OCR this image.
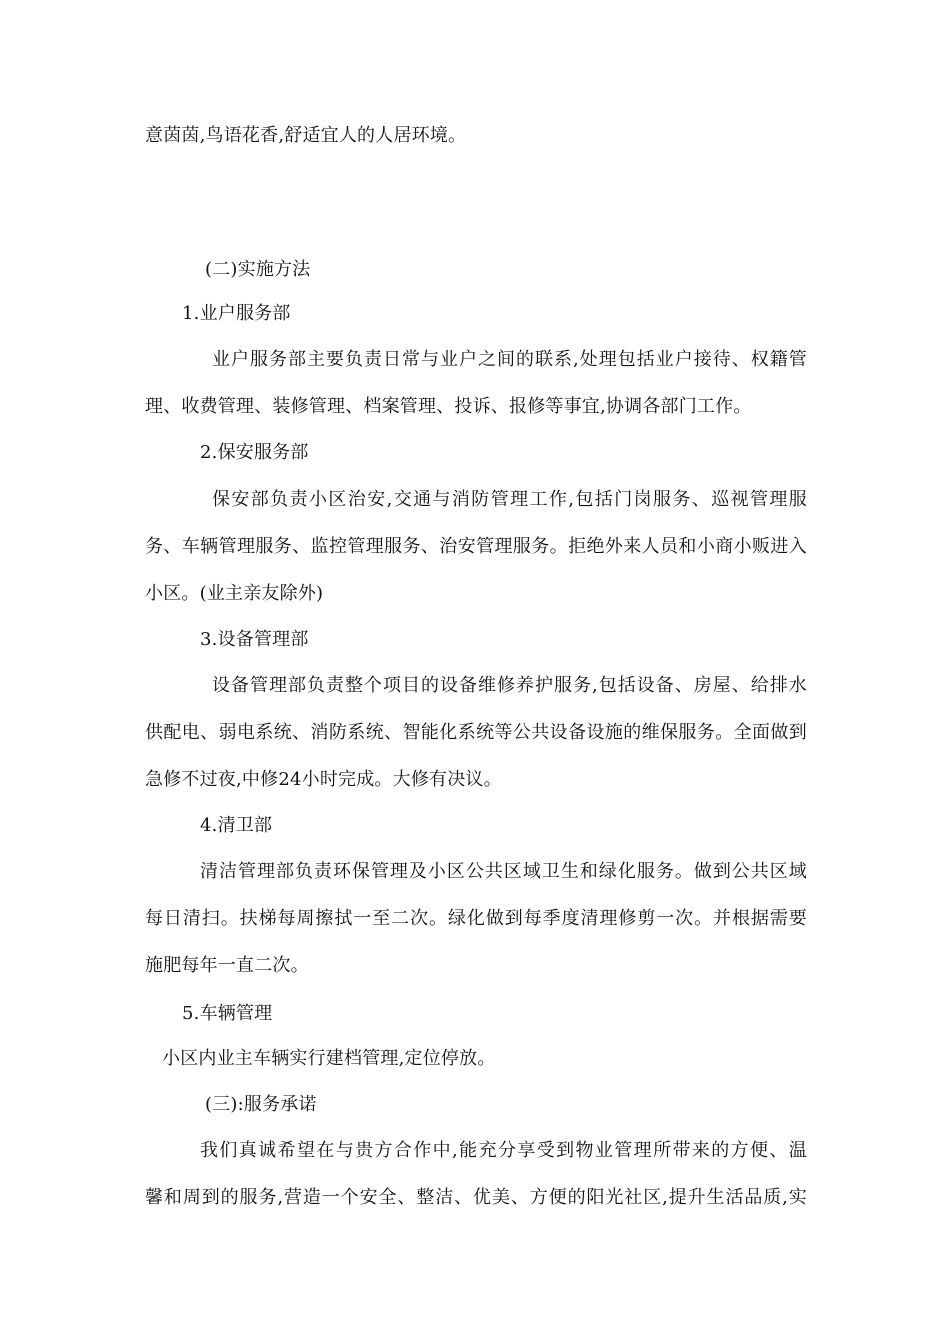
意茵茵,鸟语花香,舒适宜人的人居环境。

(二)实施方法

1.业户服务部

业户服务部主要负责日常与业户之间的联系,处理包括业户接待、权籍管

理、收费管理、装修管理、档案管理、投诉、报修等事宜,协调各部门工作。

2.保安服务部

保安部负责小区治安,交通与消防管理工作,包括门岗服务、巡视管理服

务、车辆管理服务、监控管理服务、治安管理服务。拒绝外来人员和小商小贩进入

小区。(业主亲友除外)

3.设备管理部

设备管理部负责整个项目的设备维修养护服务,包括设备、房屋、给排水

供配电、弱电系统、消防系统、智能化系统等公共设备设施的维保服务。全面做到

急修不过夜,中修24小时完成。大修有决议。

4.清卫部

清洁管理部负责环保管理及小区公共区域卫生和绿化服务。做到公共区域

每日清扫。扶梯每周擦拭一至二次。绿化做到每季度清理修剪一次。并根据需要

施肥每年一直二次。

5.车辆管理

小区内业主车辆实行建档管理,定位停放。

(三):服务承诺

我们真诚希望在与贵方合作中,能充分享受到物业管理所带来的方便、温

馨和周到的服务,营造一个安全、整洁、优美、方便的阳光社区,提升生活品质,实
